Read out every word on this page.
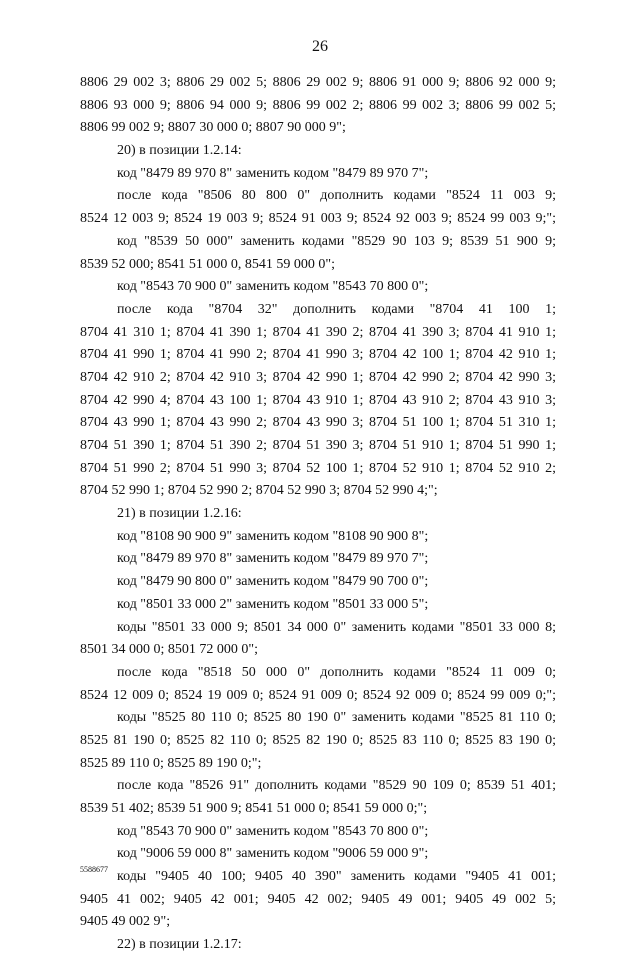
26
8806 29 002 3; 8806 29 002 5; 8806 29 002 9; 8806 91 000 9; 8806 92 000 9;
8806 93 000 9; 8806 94 000 9; 8806 99 002 2; 8806 99 002 3; 8806 99 002 5;
8806 99 002 9; 8807 30 000 0; 8807 90 000 9";
20) в позиции 1.2.14:
код "8479 89 970 8" заменить кодом "8479 89 970 7";
после кода "8506 80 800 0" дополнить кодами "8524 11 003 9;
8524 12 003 9; 8524 19 003 9; 8524 91 003 9; 8524 92 003 9; 8524 99 003 9;";
код "8539 50 000" заменить кодами "8529 90 103 9; 8539 51 900 9;
8539 52 000; 8541 51 000 0, 8541 59 000 0";
код "8543 70 900 0" заменить кодом "8543 70 800 0";
после кода "8704 32" дополнить кодами "8704 41 100 1;
8704 41 310 1; 8704 41 390 1; 8704 41 390 2; 8704 41 390 3; 8704 41 910 1;
8704 41 990 1; 8704 41 990 2; 8704 41 990 3; 8704 42 100 1; 8704 42 910 1;
8704 42 910 2; 8704 42 910 3; 8704 42 990 1; 8704 42 990 2; 8704 42 990 3;
8704 42 990 4; 8704 43 100 1; 8704 43 910 1; 8704 43 910 2; 8704 43 910 3;
8704 43 990 1; 8704 43 990 2; 8704 43 990 3; 8704 51 100 1; 8704 51 310 1;
8704 51 390 1; 8704 51 390 2; 8704 51 390 3; 8704 51 910 1; 8704 51 990 1;
8704 51 990 2; 8704 51 990 3; 8704 52 100 1; 8704 52 910 1; 8704 52 910 2;
8704 52 990 1; 8704 52 990 2; 8704 52 990 3; 8704 52 990 4;";
21) в позиции 1.2.16:
код "8108 90 900 9" заменить кодом "8108 90 900 8";
код "8479 89 970 8" заменить кодом "8479 89 970 7";
код "8479 90 800 0" заменить кодом "8479 90 700 0";
код "8501 33 000 2" заменить кодом "8501 33 000 5";
коды "8501 33 000 9; 8501 34 000 0" заменить кодами "8501 33 000 8;
8501 34 000 0; 8501 72 000 0";
после кода "8518 50 000 0" дополнить кодами "8524 11 009 0;
8524 12 009 0; 8524 19 009 0; 8524 91 009 0; 8524 92 009 0; 8524 99 009 0;";
коды "8525 80 110 0; 8525 80 190 0" заменить кодами "8525 81 110 0;
8525 81 190 0; 8525 82 110 0; 8525 82 190 0; 8525 83 110 0; 8525 83 190 0;
8525 89 110 0; 8525 89 190 0;";
после кода "8526 91" дополнить кодами "8529 90 109 0; 8539 51 401;
8539 51 402; 8539 51 900 9; 8541 51 000 0; 8541 59 000 0;";
код "8543 70 900 0" заменить кодом "8543 70 800 0";
код "9006 59 000 8" заменить кодом "9006 59 000 9";
коды "9405 40 100; 9405 40 390" заменить кодами "9405 41 001;
9405 41 002; 9405 42 001; 9405 42 002; 9405 49 001; 9405 49 002 5;
9405 49 002 9";
22) в позиции 1.2.17:
5588677
